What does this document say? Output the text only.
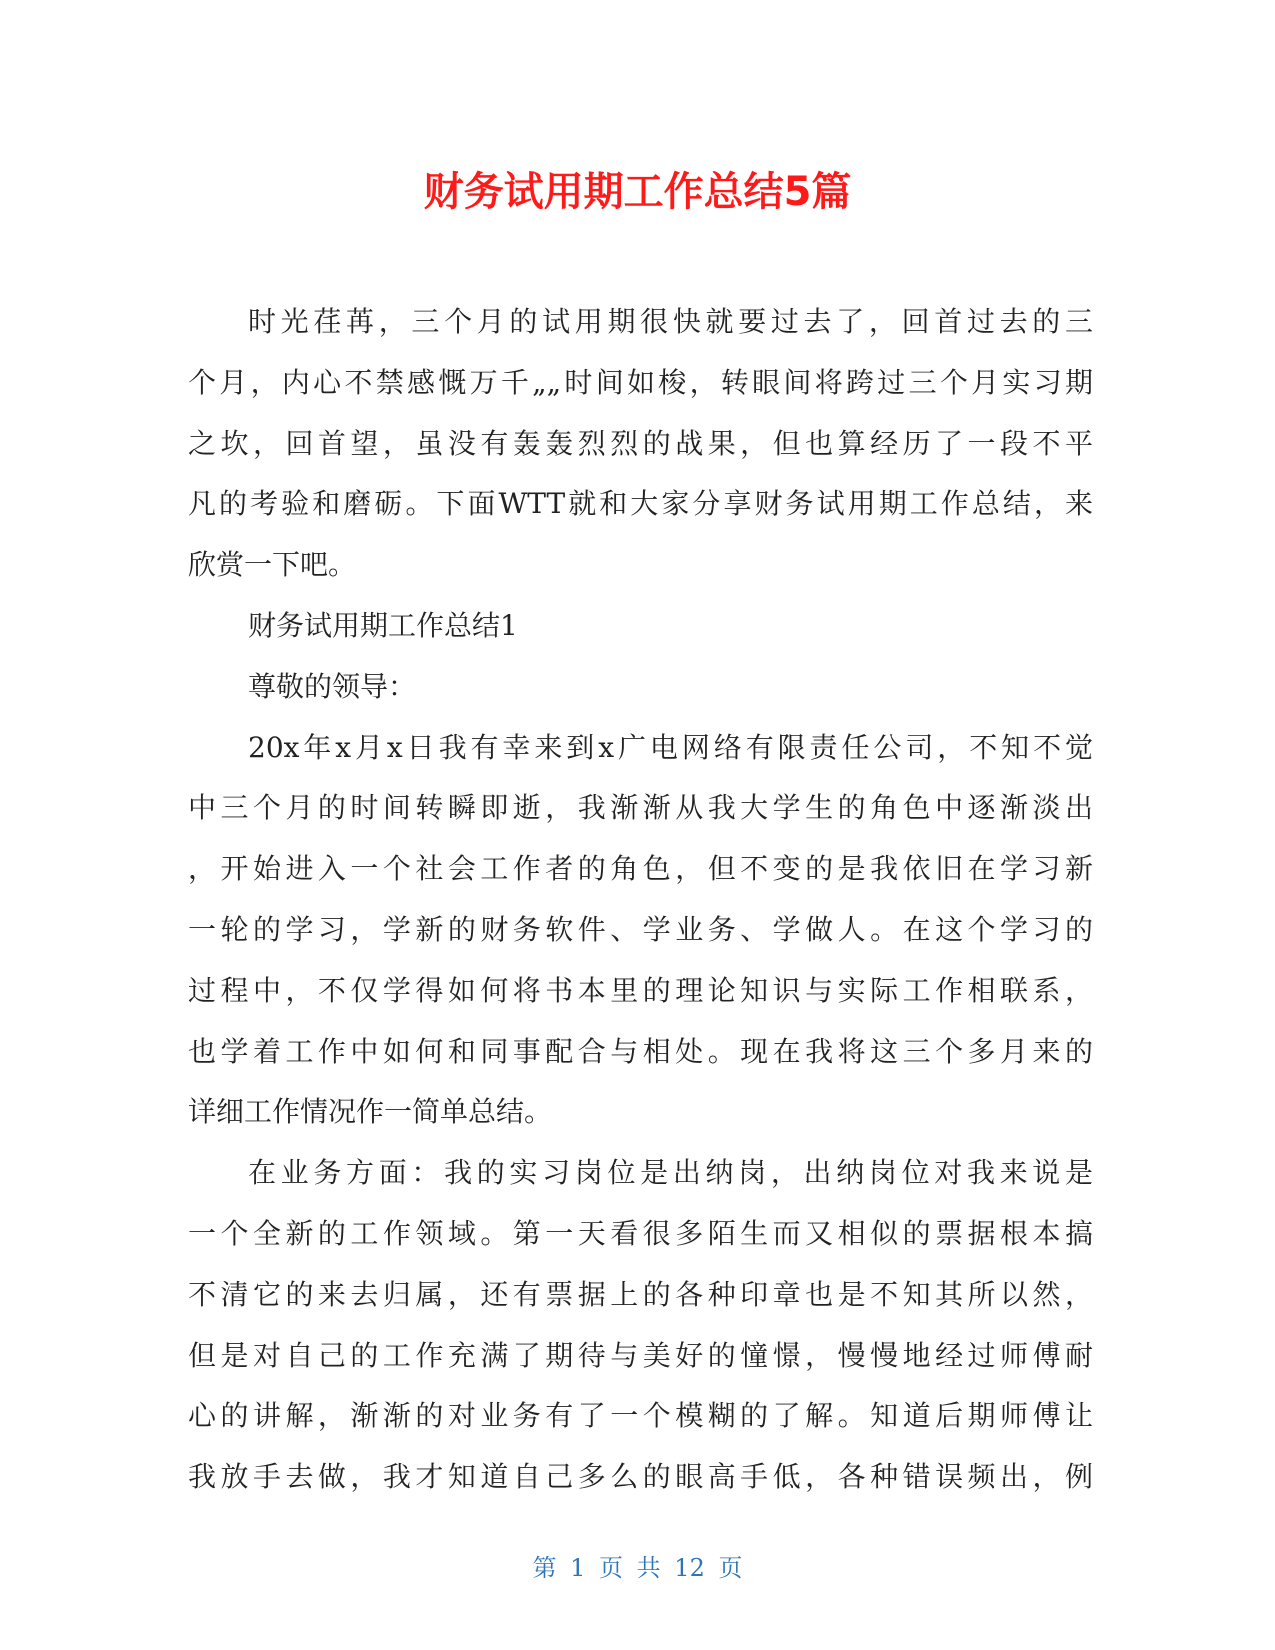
财务试用期工作总结5篇
时光荏苒，三个月的试用期很快就要过去了，回首过去的三
个月，内心不禁感慨万千„„时间如梭，转眼间将跨过三个月实习期
之坎，回首望，虽没有轰轰烈烈的战果，但也算经历了一段不平
凡的考验和磨砺。下面WTT就和大家分享财务试用期工作总结，来
欣赏一下吧。
财务试用期工作总结1
尊敬的领导：
20x年x月x日我有幸来到x广电网络有限责任公司，不知不觉
中三个月的时间转瞬即逝，我渐渐从我大学生的角色中逐渐淡出
，开始进入一个社会工作者的角色，但不变的是我依旧在学习新
一轮的学习，学新的财务软件、学业务、学做人。在这个学习的
过程中，不仅学得如何将书本里的理论知识与实际工作相联系，
也学着工作中如何和同事配合与相处。现在我将这三个多月来的
详细工作情况作一简单总结。
在业务方面：我的实习岗位是出纳岗，出纳岗位对我来说是
一个全新的工作领域。第一天看很多陌生而又相似的票据根本搞
不清它的来去归属，还有票据上的各种印章也是不知其所以然，
但是对自己的工作充满了期待与美好的憧憬，慢慢地经过师傅耐
心的讲解，渐渐的对业务有了一个模糊的了解。知道后期师傅让
我放手去做，我才知道自己多么的眼高手低，各种错误频出，例
第 1 页 共 12 页
